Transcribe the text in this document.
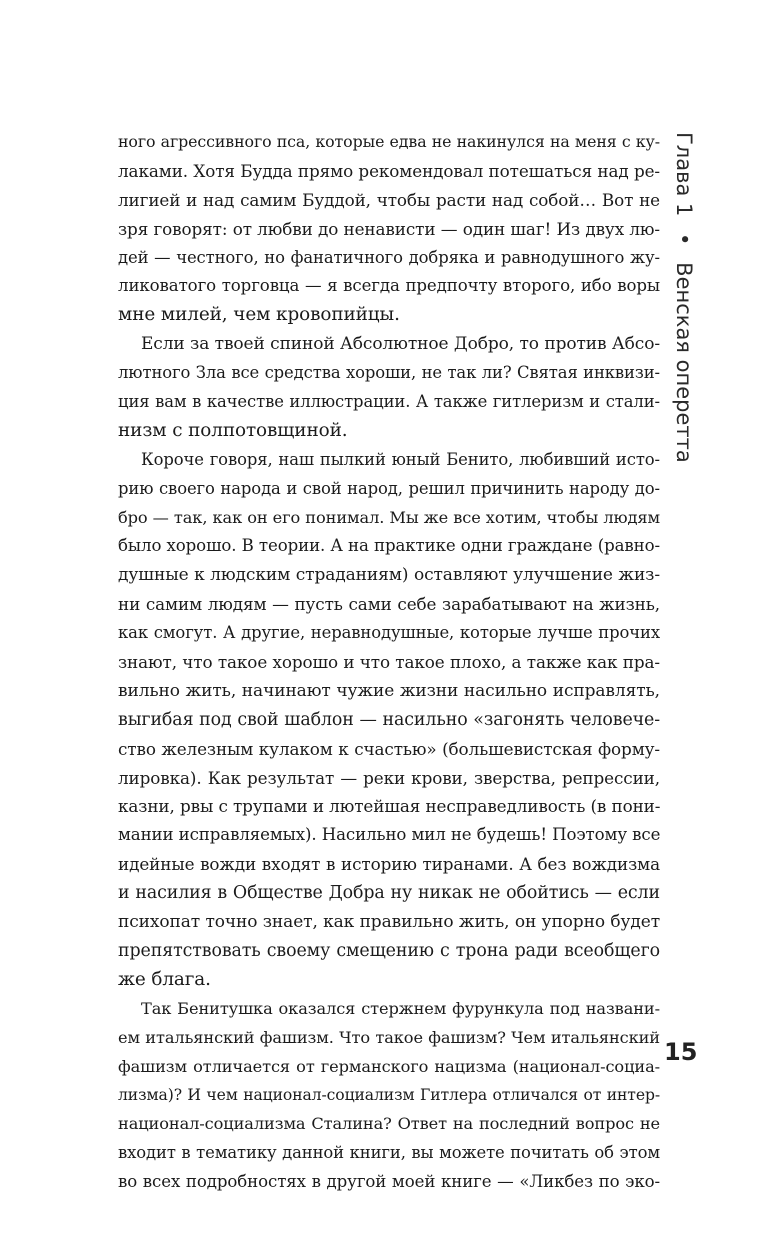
ного агрессивного пса, которые едва не накинулся на меня с ку-
лаками. Хотя Будда прямо рекомендовал потешаться над ре-
лигией и над самим Буддой, чтобы расти над собой… Вот не
зря говорят: от любви до ненависти — один шаг! Из двух лю-
дей — честного, но фанатичного добряка и равнодушного жу-
ликоватого торговца — я всегда предпочту второго, ибо воры
мне милей, чем кровопийцы.
Если за твоей спиной Абсолютное Добро, то против Абсо-
лютного Зла все средства хороши, не так ли? Святая инквизи-
ция вам в качестве иллюстрации. А также гитлеризм и стали-
низм с полпотовщиной.
Короче говоря, наш пылкий юный Бенито, любивший истo-
рию своего народа и свой народ, решил причинить народу до-
бро — так, как он его понимал. Мы же все хотим, чтобы людям
было хорошо. В теории. А на практике одни граждане (равно-
душные к людским страданиям) оставляют улучшение жиз-
ни самим людям — пусть сами себе зарабатывают на жизнь,
как смогут. А другие, неравнодушные, которые лучше прочих
знают, что такое хорошо и что такое плохо, а также как пра-
вильно жить, начинают чужие жизни насильно исправлять,
выгибая под свой шаблон — насильно «загонять человече-
ство железным кулаком к счастью» (большевистская форму-
лировка). Как результат — реки крови, зверства, репрессии,
казни, рвы с трупами и лютейшая несправедливость (в пони-
мании исправляемых). Насильно мил не будешь! Поэтому все
идейные вожди входят в историю тиранами. А без вождизма
и насилия в Обществе Добра ну никак не обойтись — если
психопат точно знает, как правильно жить, он упорно будет
препятствовать своему смещению с трона ради всеобщего
же блага.
Так Бенитушка оказался стержнем фурункула под названи-
ем итальянский фашизм. Что такое фашизм? Чем итальянский
фашизм отличается от германского нацизма (национал-социа-
лизма)? И чем национал-социализм Гитлера отличался от интер-
национал-социализма Сталина? Ответ на последний вопрос не
входит в тематику данной книги, вы можете почитать об этом
во всех подробностях в другой моей книге — «Ликбез по эко-
Глава 1 • Венская оперетта
15
